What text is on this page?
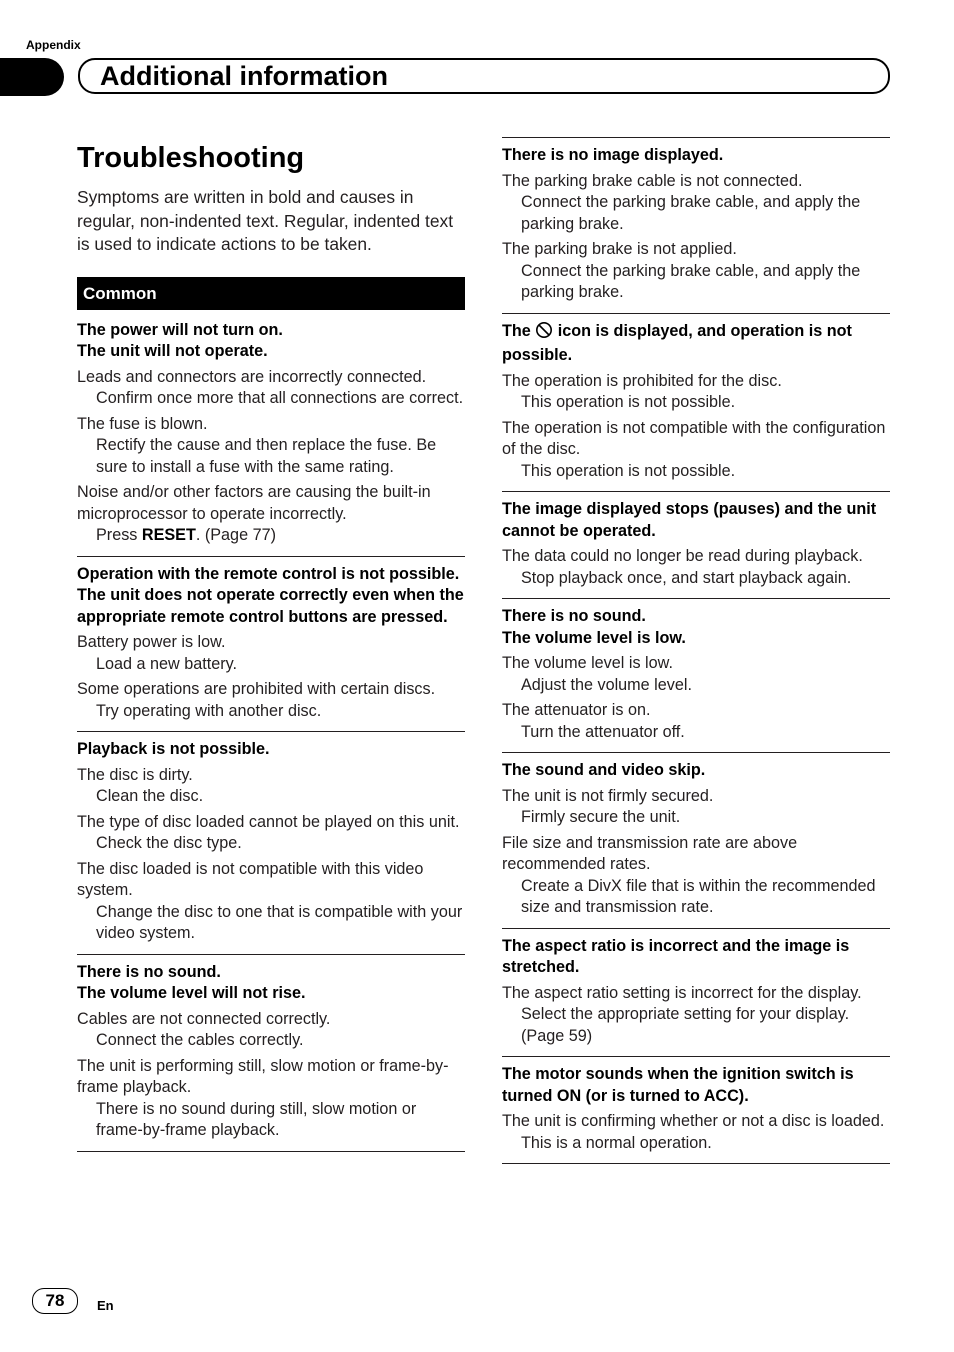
Appendix
Additional information
Troubleshooting

Symptoms are written in bold and causes in regular, non-indented text. Regular, indented text is used to indicate actions to be taken.

Common
The power will not turn on.
The unit will not operate.
Leads and connectors are incorrectly connected.
Confirm once more that all connections are correct.
The fuse is blown.
Rectify the cause and then replace the fuse. Be sure to install a fuse with the same rating.
Noise and/or other factors are causing the built-in microprocessor to operate incorrectly.
Press RESET. (Page 77)
Operation with the remote control is not possible.
The unit does not operate correctly even when the appropriate remote control buttons are pressed.
Battery power is low.
Load a new battery.
Some operations are prohibited with certain discs.
Try operating with another disc.
Playback is not possible.
The disc is dirty.
Clean the disc.
The type of disc loaded cannot be played on this unit.
Check the disc type.
The disc loaded is not compatible with this video system.
Change the disc to one that is compatible with your video system.
There is no sound.
The volume level will not rise.
Cables are not connected correctly.
Connect the cables correctly.
The unit is performing still, slow motion or frame-by-frame playback.
There is no sound during still, slow motion or frame-by-frame playback.
There is no image displayed.
The parking brake cable is not connected.
Connect the parking brake cable, and apply the parking brake.
The parking brake is not applied.
Connect the parking brake cable, and apply the parking brake.
The  icon is displayed, and operation is not possible.
The operation is prohibited for the disc.
This operation is not possible.
The operation is not compatible with the configuration of the disc.
This operation is not possible.
The image displayed stops (pauses) and the unit cannot be operated.
The data could no longer be read during playback.
Stop playback once, and start playback again.
There is no sound.
The volume level is low.
The volume level is low.
Adjust the volume level.
The attenuator is on.
Turn the attenuator off.
The sound and video skip.
The unit is not firmly secured.
Firmly secure the unit.
File size and transmission rate are above recommended rates.
Create a DivX file that is within the recommended size and transmission rate.
The aspect ratio is incorrect and the image is stretched.
The aspect ratio setting is incorrect for the display.
Select the appropriate setting for your display. (Page 59)
The motor sounds when the ignition switch is turned ON (or is turned to ACC).
The unit is confirming whether or not a disc is loaded.
This is a normal operation.
78	En
